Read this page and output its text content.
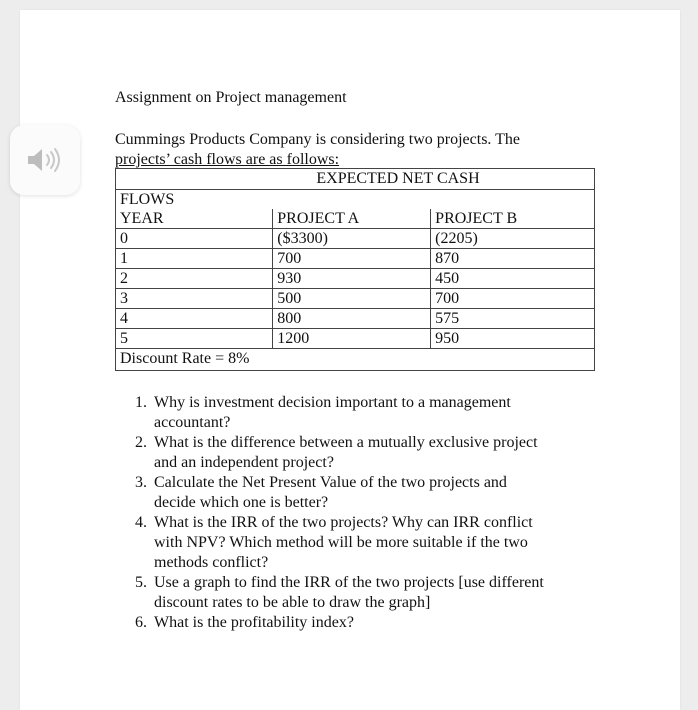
Assignment on Project management
Cummings Products Company is considering two projects. The
projects’ cash flows are as follows:
EXPECTED NET CASH		
FLOWS		
YEAR	PROJECT A	PROJECT B
0	($3300)	(2205)
1	700	870
2	930	450
3	500	700
4	800	575
5	1200	950
Discount Rate = 8%		
1. Why is investment decision important to a management
accountant?
2. What is the difference between a mutually exclusive project
and an independent project?
3. Calculate the Net Present Value of the two projects and
decide which one is better?
4. What is the IRR of the two projects? Why can IRR conflict
with NPV? Which method will be more suitable if the two
methods conflict?
5. Use a graph to find the IRR of the two projects [use different
discount rates to be able to draw the graph]
6. What is the profitability index?
